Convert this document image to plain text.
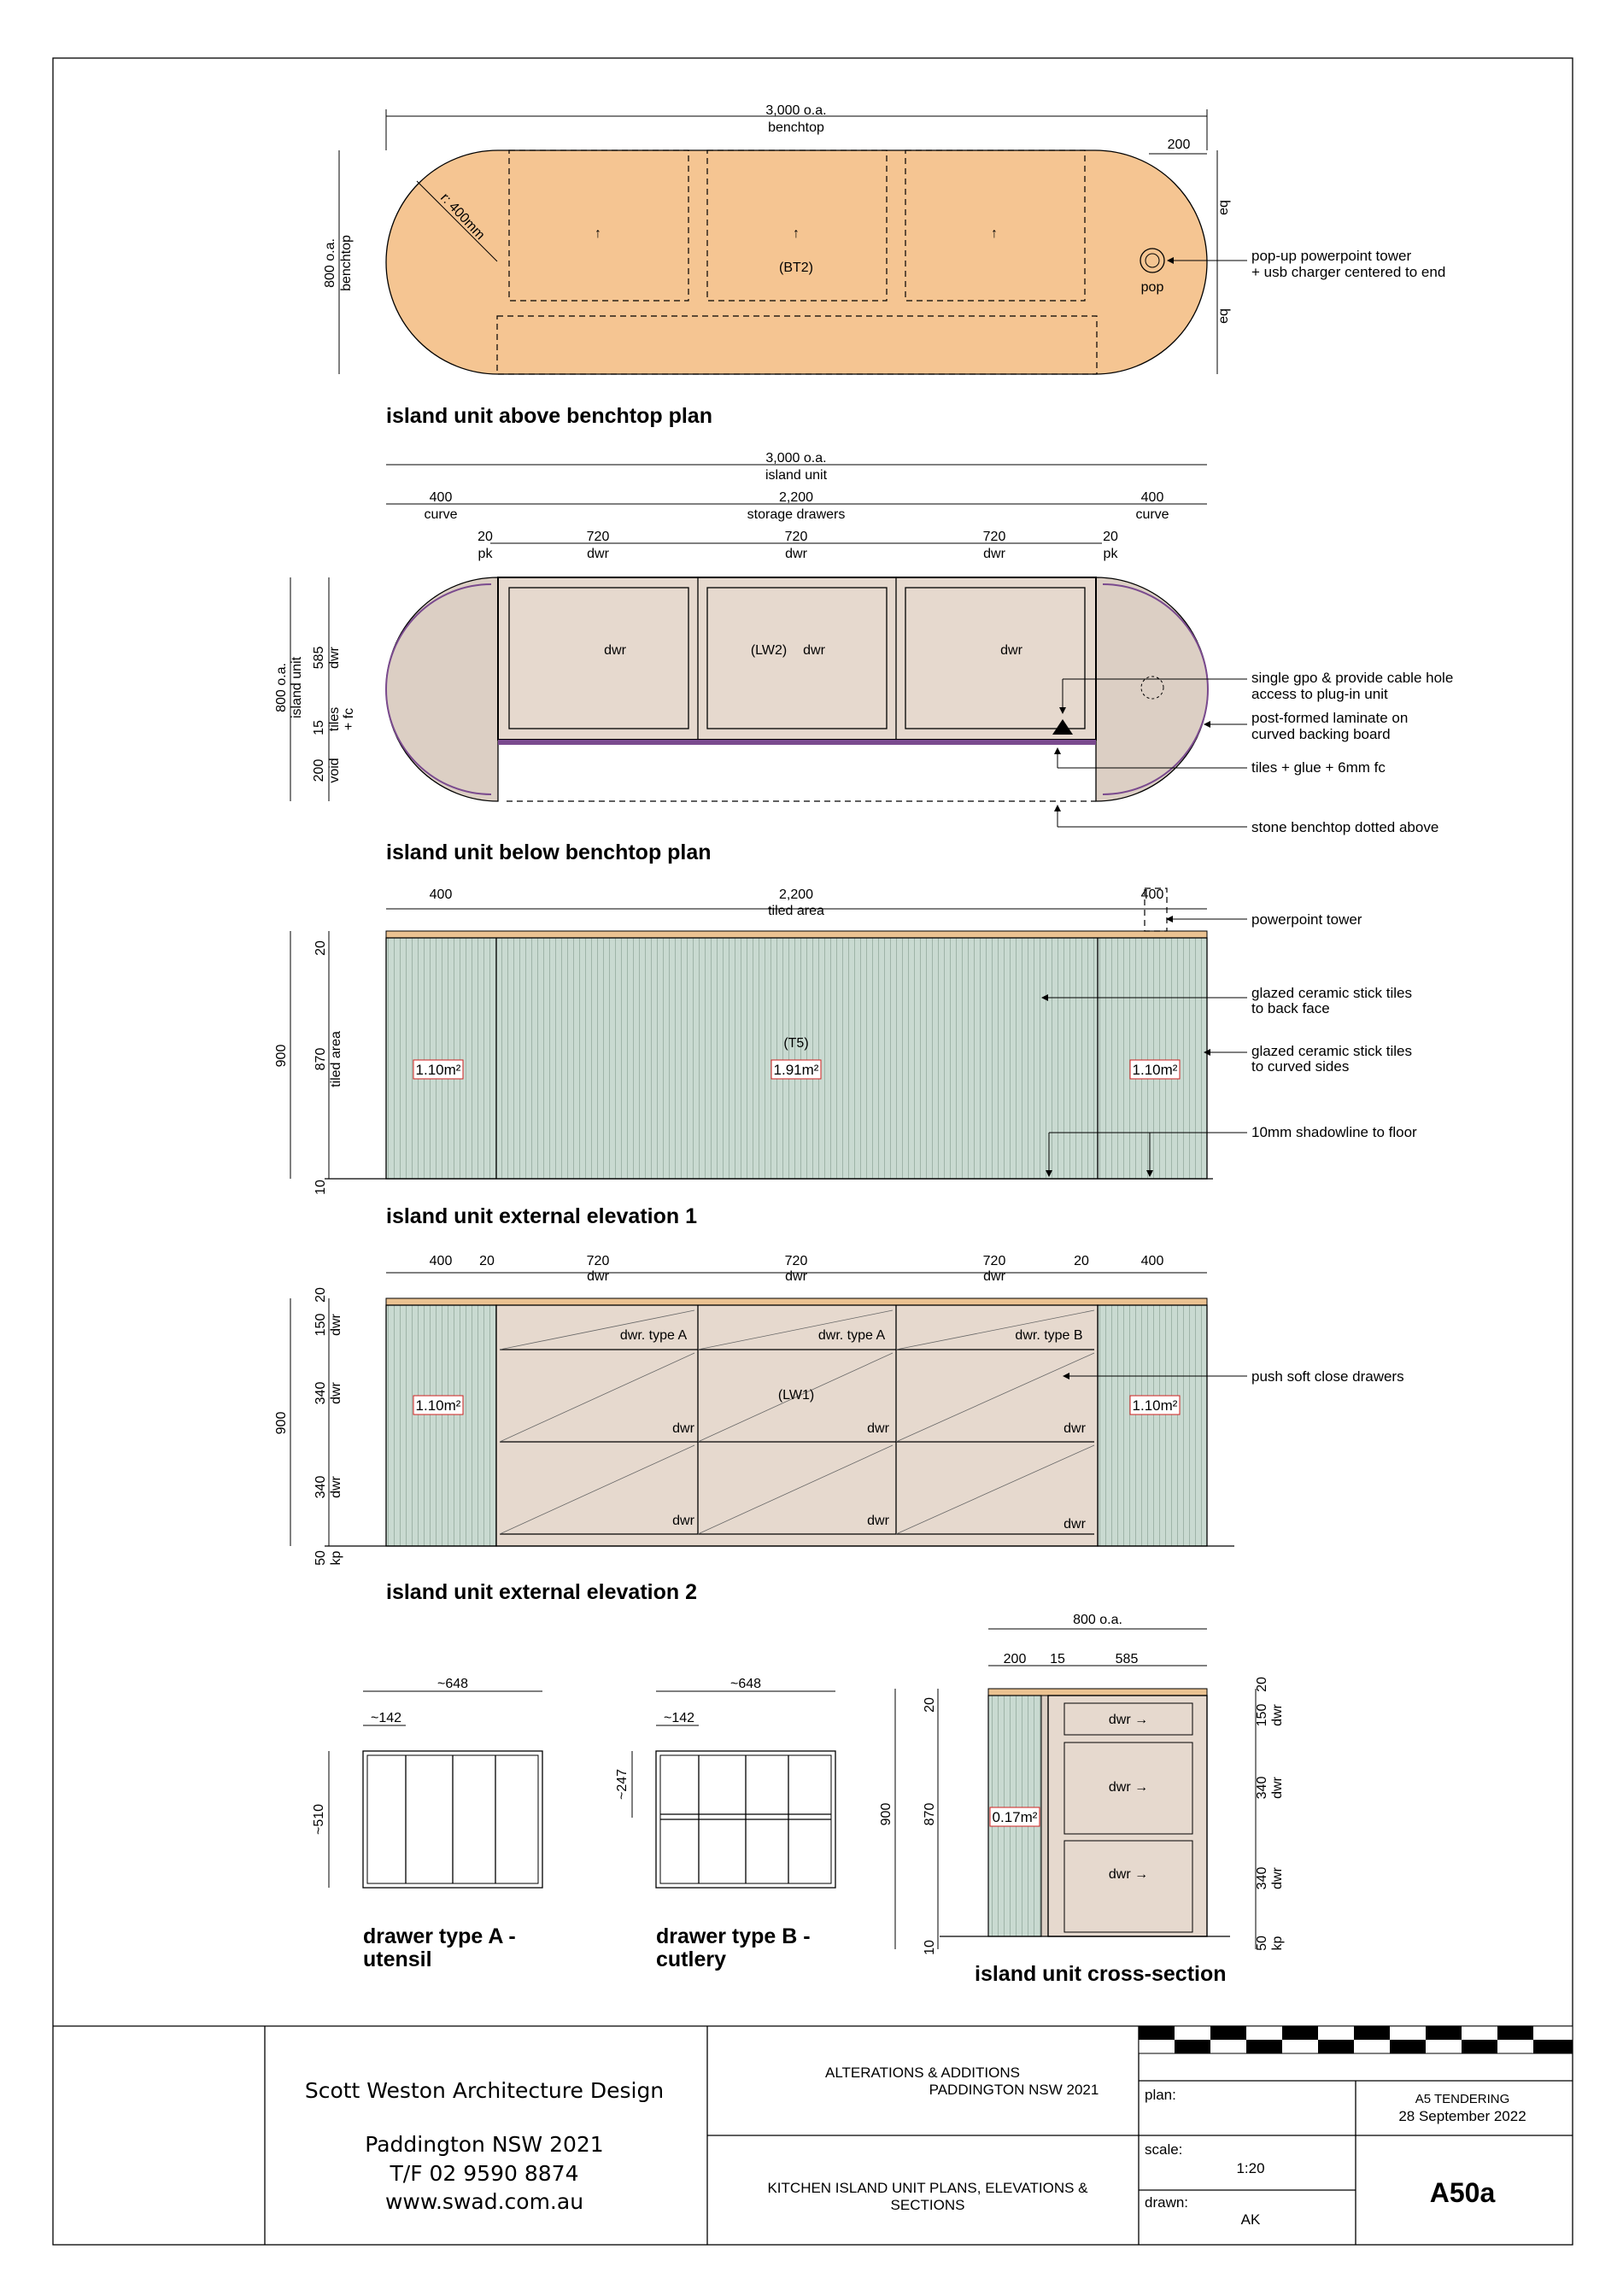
3,000 o.a.
benchtop
200
800 o.a. benchtop
r: 400mm	↑	↑	↑
(BT2)
pop
eq
eq
pop-up powerpoint tower
+ usb charger centered to end
island unit above benchtop plan
3,000 o.a.
island unit
400
curve
2,200
storage drawers
400
curve
20
pk
720
dwr
720
dwr
720
dwr
20
pk
800 o.a. island unit 585 dwr
15 tiles + fc
200 void
dwr	(LW2) dwr	dwr
single gpo & provide cable hole
access to plug-in unit
post-formed laminate on
curved backing board
tiles + glue + 6mm fc
stone benchtop dotted above
island unit below benchtop plan
400	2,200
tiled area
400
900
20
870 tiled area
10
(T5)
1.10m²	1.91m²	1.10m²
powerpoint tower
glazed ceramic stick tiles
to back face
glazed ceramic stick tiles
to curved sides
10mm shadowline to floor
island unit external elevation 1
400 20	720
dwr
720
dwr
720
dwr
20	400
900
20
150 dwr
340 dwr
340 dwr
50 kp
dwr. type A	dwr. type A	dwr. type B
(LW1)
dwr	dwr	dwr
dwr	dwr	dwr
1.10m²	1.10m²
push soft close drawers
island unit external elevation 2
~648
~142
~510
drawer type A -
utensil
~648
~142
~247
drawer type B -
cutlery
800 o.a.
200 15	585
900
20
870
10
dwr →
dwr →
dwr →
0.17m²
20
150 dwr
340 dwr
340 dwr
50 kp
island unit cross-section
Scott Weston Architecture Design
Paddington NSW 2021
T/F 02 9590 8874
www.swad.com.au
ALTERATIONS & ADDITIONS
PADDINGTON NSW 2021
KITCHEN ISLAND UNIT PLANS, ELEVATIONS &
SECTIONS
plan:
scale:
1:20
drawn:
AK
A5 TENDERING
28 September 2022
A50a
